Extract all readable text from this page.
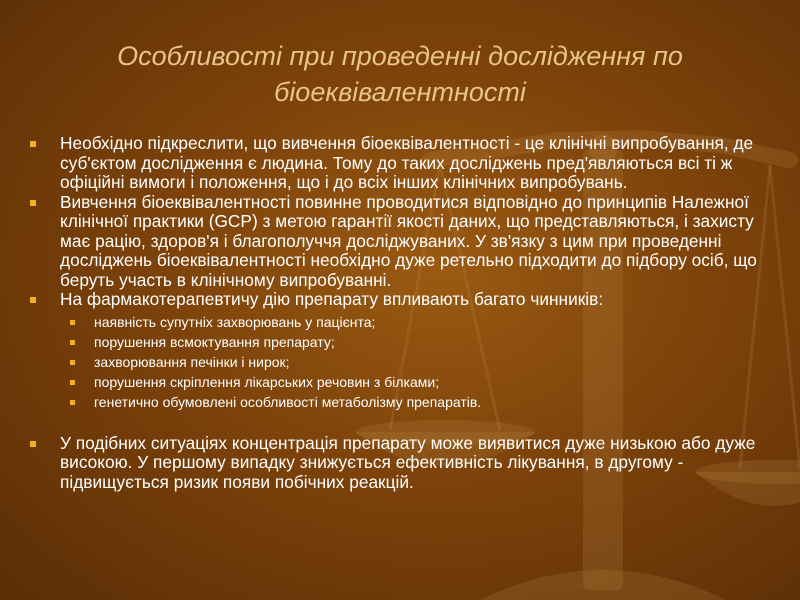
Особливості при проведенні дослідження по
біоеквівалентності
Необхідно підкреслити, що вивчення біоеквівалентності - це клінічні випробування, де суб'єктом дослідження є людина. Тому до таких досліджень пред'являються всі ті ж офіційні вимоги і положення, що і до всіх інших клінічних випробувань.
Вивчення біоеквівалентності повинне проводитися відповідно до принципів Належної клінічної практики (GCP) з метою гарантії якості даних, що представляються, і захисту має рацію, здоров'я і благополуччя досліджуваних. У зв'язку з цим при проведенні досліджень біоеквівалентності необхідно дуже ретельно підходити до підбору осіб, що беруть участь в клінічному випробуванні.
На фармакотерапевтичу дію препарату впливають багато чинників:
наявність супутніх захворювань у пацієнта;
порушення всмоктування препарату;
захворювання печінки і нирок;
порушення скріплення лікарських речовин з білками;
генетично обумовлені особливості метаболізму препаратів.
У подібних ситуаціях концентрація препарату може виявитися дуже низькою або дуже високою. У першому випадку знижується ефективність лікування, в другому - підвищується ризик появи побічних реакцій.
